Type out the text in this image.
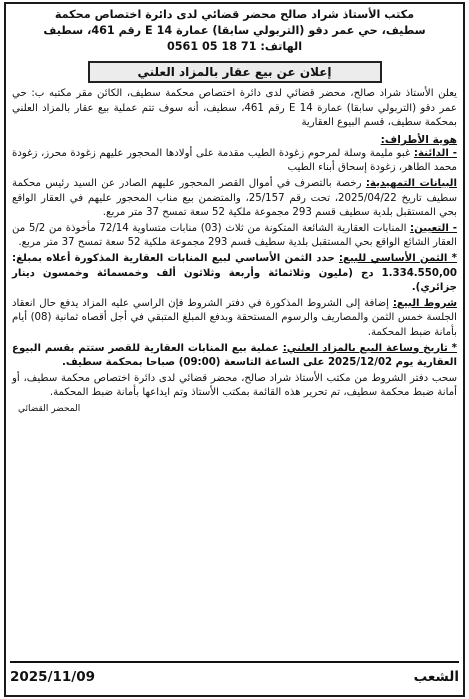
مكتب الأستاذ شراد صالح محضر قضائي لدى دائرة اختصاص محكمة
سطيف، حي عمر دقو (التربولي سابقا) عمارة 14 E رقم 461، سطيف
الهاتف: 0561 05 18 71
إعلان عن بيع عقار بالمزاد العلني

يعلن الأستاذ شراد صالح، محضر قضائي لدى دائرة اختصاص محكمة سطيف، الكائن مقر مكتبه ب: حي عمر دقو (التربولي سابقا) عمارة 14 E رقم 461، سطيف، أنه سوف تتم عملية بيع عقار بالمزاد العلني بمحكمة سطيف، قسم البيوع العقارية

هوية الأطراف:

- الدائنة: غبو مليمة وسلة لمرحوم زغودة الطيب مقدمة على أولادها المحجور عليهم زغودة محرز، زغودة محمد الطاهر، زغودة إسحاق أبناء الطيب

البيانات التمهيدية: رخصة بالتصرف في أموال القصر المحجور عليهم الصادر عن السيد رئيس محكمة سطيف تاريخ 2025/04/22، تحت رقم 25/157، والمتضمن بيع مناب المحجور عليهم في العقار الواقع بحي المستقبل بلدية سطيف قسم 293 مجموعة ملكية 52 سعة تمسح 37 متر مربع.

- التعيين: المنابات العقارية الشائعة المتكونة من ثلاث (03) منابات متساوية 72/14 مأخوذة من 5/2 من العقار الشائع الواقع بحي المستقبل بلدية سطيف قسم 293 مجموعة ملكية 52 سعة تمسح 37 متر مربع.

* الثمن الأساسي للبيع: حدد الثمن الأساسي لبيع المنابات العقارية المذكورة أعلاه بمبلغ: 1.334.550,00 دج (مليون وثلاثمائة وأربعة وثلاثون ألف وخمسمائة وخمسون دينار جزائري).

شروط البيع: إضافة إلى الشروط المذكورة في دفتر الشروط فإن الراسي عليه المزاد يدفع حال انعقاد الجلسة خمس الثمن والمصاريف والرسوم المستحقة وبدفع المبلغ المتبقي في أجل أقصاه ثمانية (08) أيام بأمانة ضبط المحكمة.

* تاريخ وساعة البيع بالمزاد العلني: عملية بيع المنابات العقارية للقصر ستتم بقسم البيوع العقارية يوم 2025/12/02 على الساعة التاسعة (09:00) صباحا بمحكمة سطيف.

سحب دفتر الشروط من مكتب الأستاذ شراد صالح، محضر قضائي لدى دائرة اختصاص محكمة سطيف، أو أمانة ضبط محكمة سطيف، تم تحرير هذه القائمة بمكتب الأستاذ وتم ايداعها بأمانة ضبط المحكمة.

المحضر القضائي
الشعب
2025/11/09
